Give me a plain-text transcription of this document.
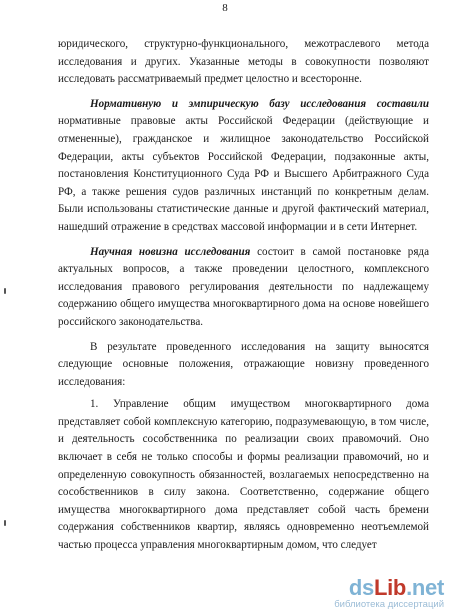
8

юридического, структурно-функционального, межотраслевого метода исследования и других. Указанные методы в совокупности позволяют исследовать рассматриваемый предмет целостно и всесторонне.

Нормативную и эмпирическую базу исследования составили нормативные правовые акты Российской Федерации (действующие и отмененные), гражданское и жилищное законодательство Российской Федерации, акты субъектов Российской Федерации, подзаконные акты, постановления Конституционного Суда РФ и Высшего Арбитражного Суда РФ, а также решения судов различных инстанций по конкретным делам. Были использованы статистические данные и другой фактический материал, нашедший отражение в средствах массовой информации и в сети Интернет.

Научная новизна исследования состоит в самой постановке ряда актуальных вопросов, а также проведении целостного, комплексного исследования правового регулирования деятельности по надлежащему содержанию общего имущества многоквартирного дома на основе новейшего российского законодательства.

В результате проведенного исследования на защиту выносятся следующие основные положения, отражающие новизну проведенного исследования:

1. Управление общим имуществом многоквартирного дома представляет собой комплексную категорию, подразумевающую, в том числе, и деятельность сособственника по реализации своих правомочий. Оно включает в себя не только способы и формы реализации правомочий, но и определенную совокупность обязанностей, возлагаемых непосредственно на сособственников в силу закона. Соответственно, содержание общего имущества многоквартирного дома представляет собой часть бремени содержания собственников квартир, являясь одновременно неотъемлемой частью процесса управления многоквартирным домом, что следует

dsLib.net
библиотека диссертаций
